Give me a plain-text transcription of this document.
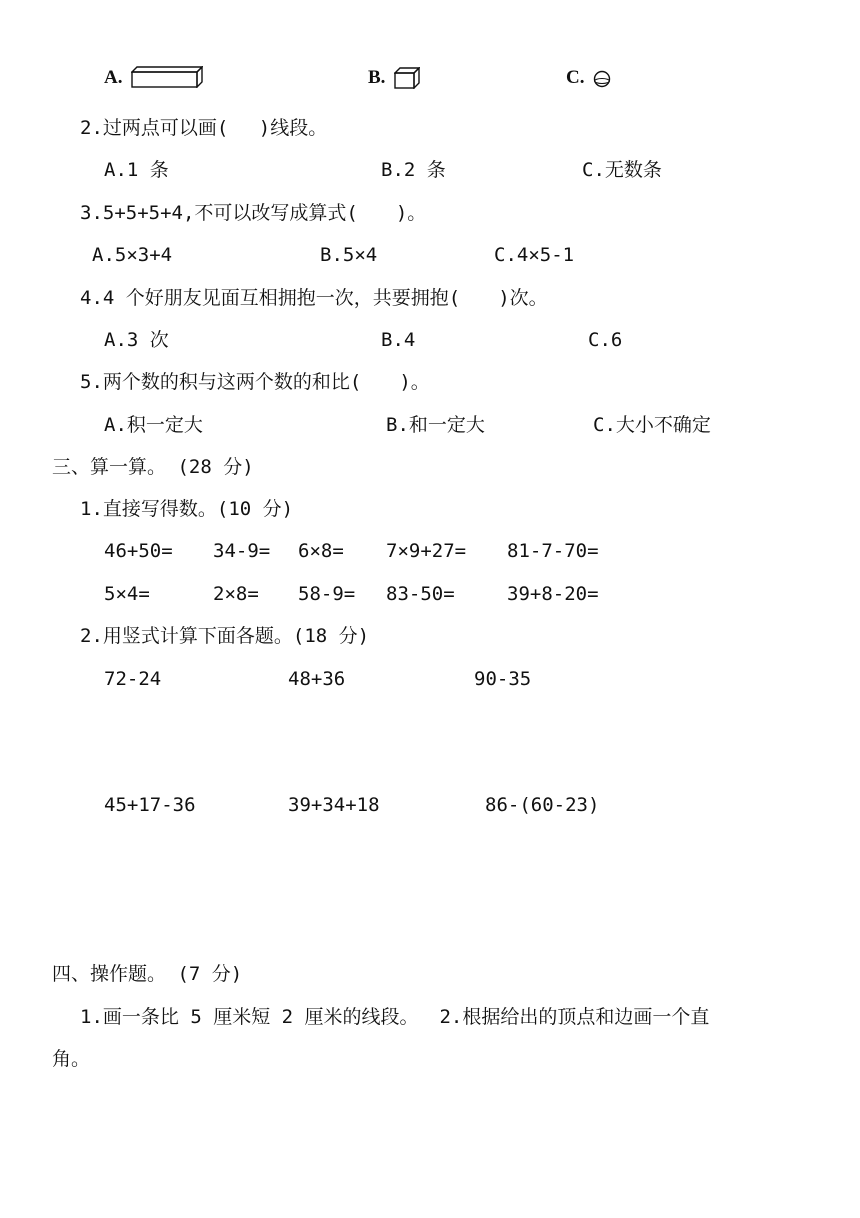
A.	B.	C.
2.过两点可以画(　 )线段。
A.1 条	B.2 条	C.无数条
3.5+5+5+4,不可以改写成算式(　　)。
A.5×3+4	B.5×4	C.4×5-1
4.4 个好朋友见面互相拥抱一次，共要拥抱(　　)次。
A.3 次	B.4	C.6
5.两个数的积与这两个数的和比(　　)。
A.积一定大	B.和一定大	C.大小不确定
三、算一算。 (28 分)
1.直接写得数。(10 分)
46+50= 34-9= 6×8= 7×9+27= 81-7-70=
5×4=	2×8= 58-9= 83-50=	39+8-20=
2.用竖式计算下面各题。(18 分)
72-24	48+36	90-35
45+17-36	39+34+18	86-(60-23)
四、操作题。 (7 分)
1.画一条比 5 厘米短 2 厘米的线段。　 2.根据给出的顶点和边画一个直
角。
